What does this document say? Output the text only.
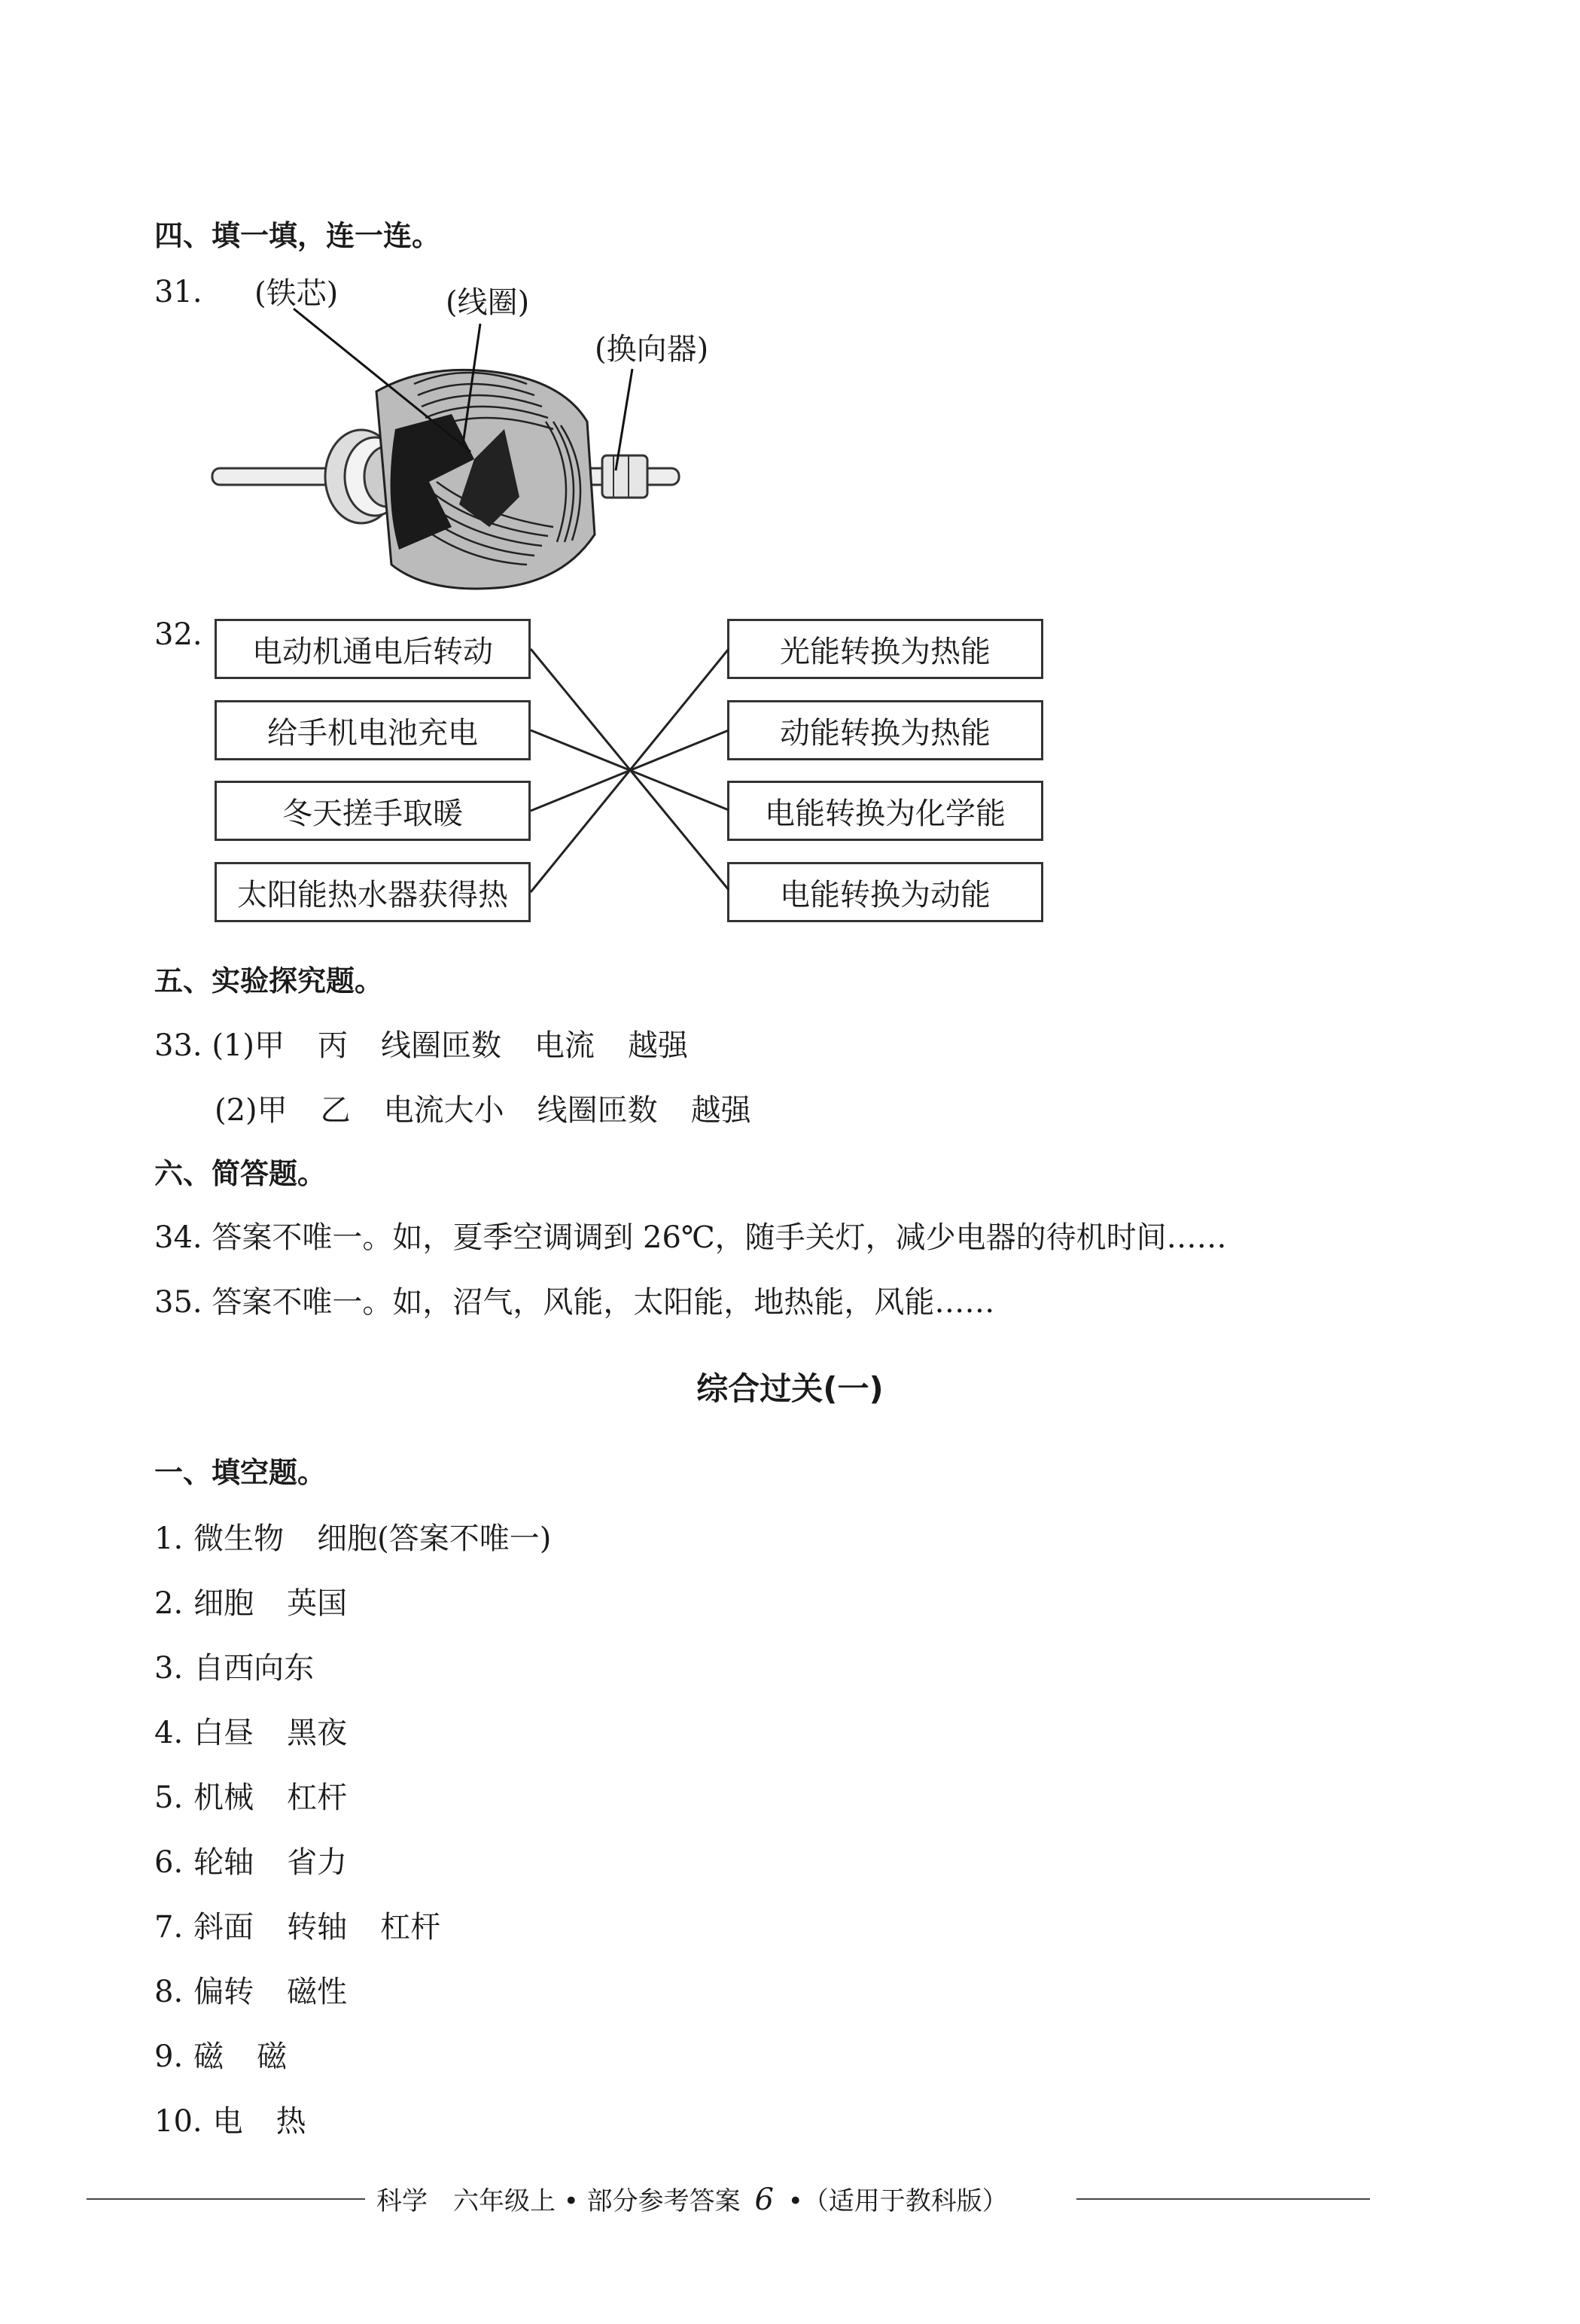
四、填一填，连一连。
31. (铁芯)	(线圈)
(换向器)
32.	电动机通电后转动
给手机电池充电
冬天搓手取暖
太阳能热水器获得热
光能转换为热能
动能转换为热能
电能转换为化学能
电能转换为动能
五、实验探究题。
33. (1)甲 丙 线圈匝数 电流 越强
(2)甲 乙 电流大小 线圈匝数 越强
六、简答题。
34. 答案不唯一。如，夏季空调调到 26℃，随手关灯，减少电器的待机时间……
35. 答案不唯一。如，沼气，风能，太阳能，地热能，风能……
综合过关(一)
一、填空题。
1. 微生物 细胞(答案不唯一)
2. 细胞 英国
3. 自西向东
4. 白昼 黑夜
5. 机械 杠杆
6. 轮轴 省力
7. 斜面 转轴 杠杆
8. 偏转 磁性
9. 磁 磁
10. 电 热
科学　六年级上 • 部分参考答案 6 •（适用于教科版）
